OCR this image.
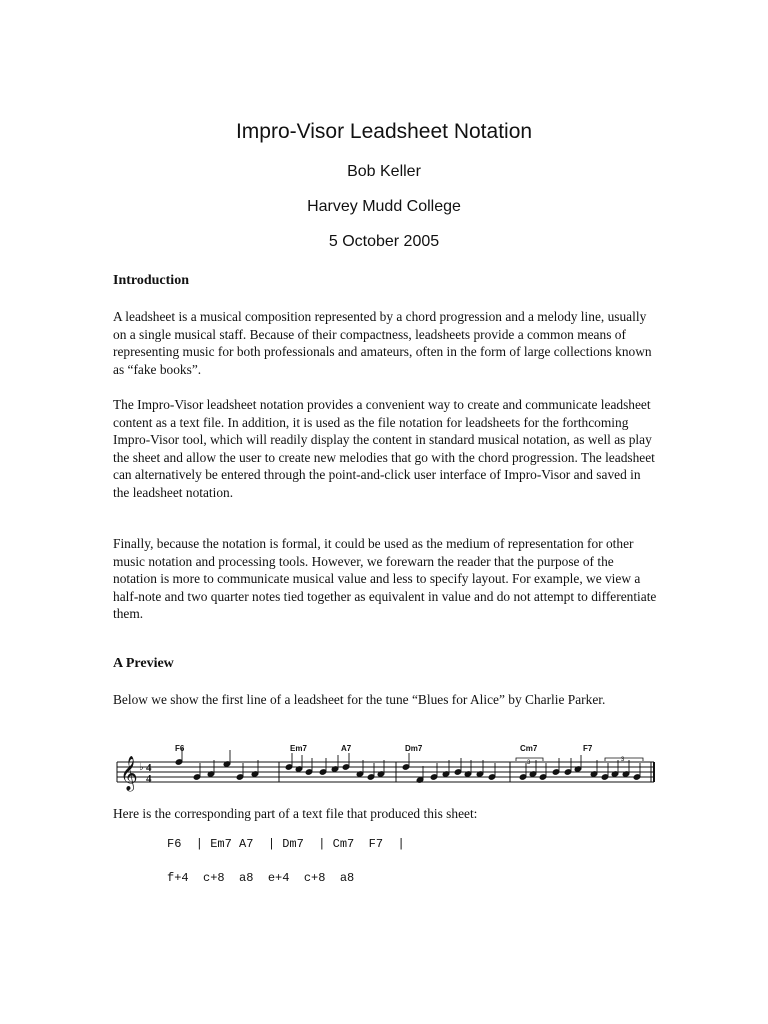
Impro-Visor Leadsheet Notation
Bob Keller
Harvey Mudd College
5 October 2005
Introduction

A leadsheet is a musical composition represented by a chord progression and a melody line, usually on a single musical staff. Because of their compactness, leadsheets provide a common means of representing music for both professionals and amateurs, often in the form of large collections known as “fake books”.

The Impro-Visor leadsheet notation provides a convenient way to create and communicate leadsheet content as a text file. In addition, it is used as the file notation for leadsheets for the forthcoming Impro-Visor tool, which will readily display the content in standard musical notation, as well as play the sheet and allow the user to create new melodies that go with the chord progression. The leadsheet can alternatively be entered through the point-and-click user interface of Impro-Visor and saved in the leadsheet notation.

Finally, because the notation is formal, it could be used as the medium of representation for other music notation and processing tools. However, we forewarn the reader that the purpose of the notation is more to communicate musical value and less to specify layout. For example, we view a half-note and two quarter notes tied together as equivalent in value and do not attempt to differentiate them.

A Preview

Below we show the first line of a leadsheet for the tune “Blues for Alice” by Charlie Parker.

F6	Em7	A7	Dm7	Cm7	F7
3	3
𝄞 ♭ 4
4

Here is the corresponding part of a text file that produced this sheet:

F6  | Em7 A7  | Dm7  | Cm7  F7  |
f+4  c+8  a8  e+4  c+8  a8
